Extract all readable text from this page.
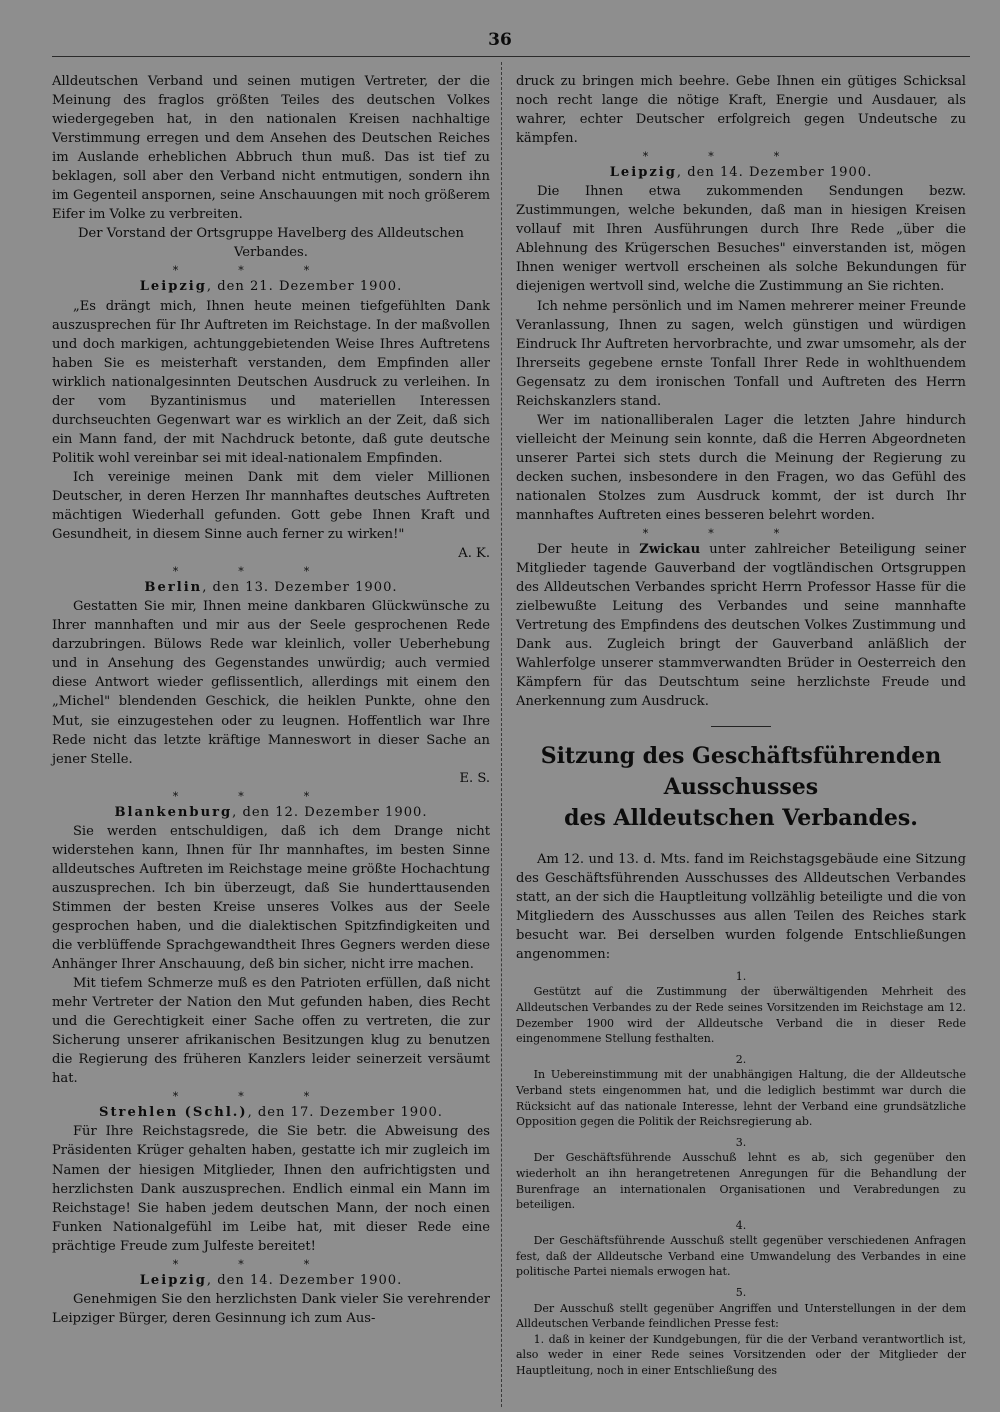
36

Alldeutschen Verband und seinen mutigen Vertreter, der die Meinung des fraglos größten Teiles des deutschen Volkes wiedergegeben hat, in den nationalen Kreisen nachhaltige Verstimmung erregen und dem Ansehen des Deutschen Reiches im Auslande erheblichen Abbruch thun muß. Das ist tief zu beklagen, soll aber den Verband nicht entmutigen, sondern ihn im Gegenteil anspornen, seine Anschauungen mit noch größerem Eifer im Volke zu verbreiten.

Der Vorstand der Ortsgruppe Havelberg des Alldeutschen Verbandes.

***

Leipzig, den 21. Dezember 1900.

„Es drängt mich, Ihnen heute meinen tiefgefühlten Dank auszusprechen für Ihr Auftreten im Reichstage. In der maßvollen und doch markigen, achtunggebietenden Weise Ihres Auftretens haben Sie es meisterhaft verstanden, dem Empfinden aller wirklich nationalgesinnten Deutschen Ausdruck zu verleihen. In der vom Byzantinismus und materiellen Interessen durchseuchten Gegenwart war es wirklich an der Zeit, daß sich ein Mann fand, der mit Nachdruck betonte, daß gute deutsche Politik wohl vereinbar sei mit ideal-nationalem Empfinden.

Ich vereinige meinen Dank mit dem vieler Millionen Deutscher, in deren Herzen Ihr mannhaftes deutsches Auftreten mächtigen Wiederhall gefunden. Gott gebe Ihnen Kraft und Gesundheit, in diesem Sinne auch ferner zu wirken!"

A. K.

***

Berlin, den 13. Dezember 1900.

Gestatten Sie mir, Ihnen meine dankbaren Glückwünsche zu Ihrer mannhaften und mir aus der Seele gesprochenen Rede darzubringen. Bülows Rede war kleinlich, voller Ueberhebung und in Ansehung des Gegenstandes unwürdig; auch vermied diese Antwort wieder geflissentlich, allerdings mit einem den „Michel" blendenden Geschick, die heiklen Punkte, ohne den Mut, sie einzugestehen oder zu leugnen. Hoffentlich war Ihre Rede nicht das letzte kräftige Manneswort in dieser Sache an jener Stelle.

E. S.

***

Blankenburg, den 12. Dezember 1900.

Sie werden entschuldigen, daß ich dem Drange nicht widerstehen kann, Ihnen für Ihr mannhaftes, im besten Sinne alldeutsches Auftreten im Reichstage meine größte Hochachtung auszusprechen. Ich bin überzeugt, daß Sie hunderttausenden Stimmen der besten Kreise unseres Volkes aus der Seele gesprochen haben, und die dialektischen Spitzfindigkeiten und die verblüffende Sprachgewandtheit Ihres Gegners werden diese Anhänger Ihrer Anschauung, deß bin sicher, nicht irre machen.

Mit tiefem Schmerze muß es den Patrioten erfüllen, daß nicht mehr Vertreter der Nation den Mut gefunden haben, dies Recht und die Gerechtigkeit einer Sache offen zu vertreten, die zur Sicherung unserer afrikanischen Besitzungen klug zu benutzen die Regierung des früheren Kanzlers leider seinerzeit versäumt hat.

***

Strehlen (Schl.), den 17. Dezember 1900.

Für Ihre Reichstagsrede, die Sie betr. die Abweisung des Präsidenten Krüger gehalten haben, gestatte ich mir zugleich im Namen der hiesigen Mitglieder, Ihnen den aufrichtigsten und herzlichsten Dank auszusprechen. Endlich einmal ein Mann im Reichstage! Sie haben jedem deutschen Mann, der noch einen Funken Nationalgefühl im Leibe hat, mit dieser Rede eine prächtige Freude zum Julfeste bereitet!

***

Leipzig, den 14. Dezember 1900.

Genehmigen Sie den herzlichsten Dank vieler Sie verehrender Leipziger Bürger, deren Gesinnung ich zum Aus-

druck zu bringen mich beehre. Gebe Ihnen ein gütiges Schicksal noch recht lange die nötige Kraft, Energie und Ausdauer, als wahrer, echter Deutscher erfolgreich gegen Undeutsche zu kämpfen.

***

Leipzig, den 14. Dezember 1900.

Die Ihnen etwa zukommenden Sendungen bezw. Zustimmungen, welche bekunden, daß man in hiesigen Kreisen vollauf mit Ihren Ausführungen durch Ihre Rede „über die Ablehnung des Krügerschen Besuches" einverstanden ist, mögen Ihnen weniger wertvoll erscheinen als solche Bekundungen für diejenigen wertvoll sind, welche die Zustimmung an Sie richten.

Ich nehme persönlich und im Namen mehrerer meiner Freunde Veranlassung, Ihnen zu sagen, welch günstigen und würdigen Eindruck Ihr Auftreten hervorbrachte, und zwar umsomehr, als der Ihrerseits gegebene ernste Tonfall Ihrer Rede in wohlthuendem Gegensatz zu dem ironischen Tonfall und Auftreten des Herrn Reichskanzlers stand.

Wer im nationalliberalen Lager die letzten Jahre hindurch vielleicht der Meinung sein konnte, daß die Herren Abgeordneten unserer Partei sich stets durch die Meinung der Regierung zu decken suchen, insbesondere in den Fragen, wo das Gefühl des nationalen Stolzes zum Ausdruck kommt, der ist durch Ihr mannhaftes Auftreten eines besseren belehrt worden.

***

Der heute in Zwickau unter zahlreicher Beteiligung seiner Mitglieder tagende Gauverband der vogtländischen Ortsgruppen des Alldeutschen Verbandes spricht Herrn Professor Hasse für die zielbewußte Leitung des Verbandes und seine mannhafte Vertretung des Empfindens des deutschen Volkes Zustimmung und Dank aus. Zugleich bringt der Gauverband anläßlich der Wahlerfolge unserer stammverwandten Brüder in Oesterreich den Kämpfern für das Deutschtum seine herzlichste Freude und Anerkennung zum Ausdruck.

Sitzung des Geschäftsführenden Ausschusses
des Alldeutschen Verbandes.

Am 12. und 13. d. Mts. fand im Reichstagsgebäude eine Sitzung des Geschäftsführenden Ausschusses des Alldeutschen Verbandes statt, an der sich die Hauptleitung vollzählig beteiligte und die von Mitgliedern des Ausschusses aus allen Teilen des Reiches stark besucht war. Bei derselben wurden folgende Entschließungen angenommen:

1.

Gestützt auf die Zustimmung der überwältigenden Mehrheit des Alldeutschen Verbandes zu der Rede seines Vorsitzenden im Reichstage am 12. Dezember 1900 wird der Alldeutsche Verband die in dieser Rede eingenommene Stellung festhalten.

2.

In Uebereinstimmung mit der unabhängigen Haltung, die der Alldeutsche Verband stets eingenommen hat, und die lediglich bestimmt war durch die Rücksicht auf das nationale Interesse, lehnt der Verband eine grundsätzliche Opposition gegen die Politik der Reichsregierung ab.

3.

Der Geschäftsführende Ausschuß lehnt es ab, sich gegenüber den wiederholt an ihn herangetretenen Anregungen für die Behandlung der Burenfrage an internationalen Organisationen und Verabredungen zu beteiligen.

4.

Der Geschäftsführende Ausschuß stellt gegenüber verschiedenen Anfragen fest, daß der Alldeutsche Verband eine Umwandelung des Verbandes in eine politische Partei niemals erwogen hat.

5.

Der Ausschuß stellt gegenüber Angriffen und Unterstellungen in der dem Alldeutschen Verbande feindlichen Presse fest:

1. daß in keiner der Kundgebungen, für die der Verband verantwortlich ist, also weder in einer Rede seines Vorsitzenden oder der Mitglieder der Hauptleitung, noch in einer Entschließung des
